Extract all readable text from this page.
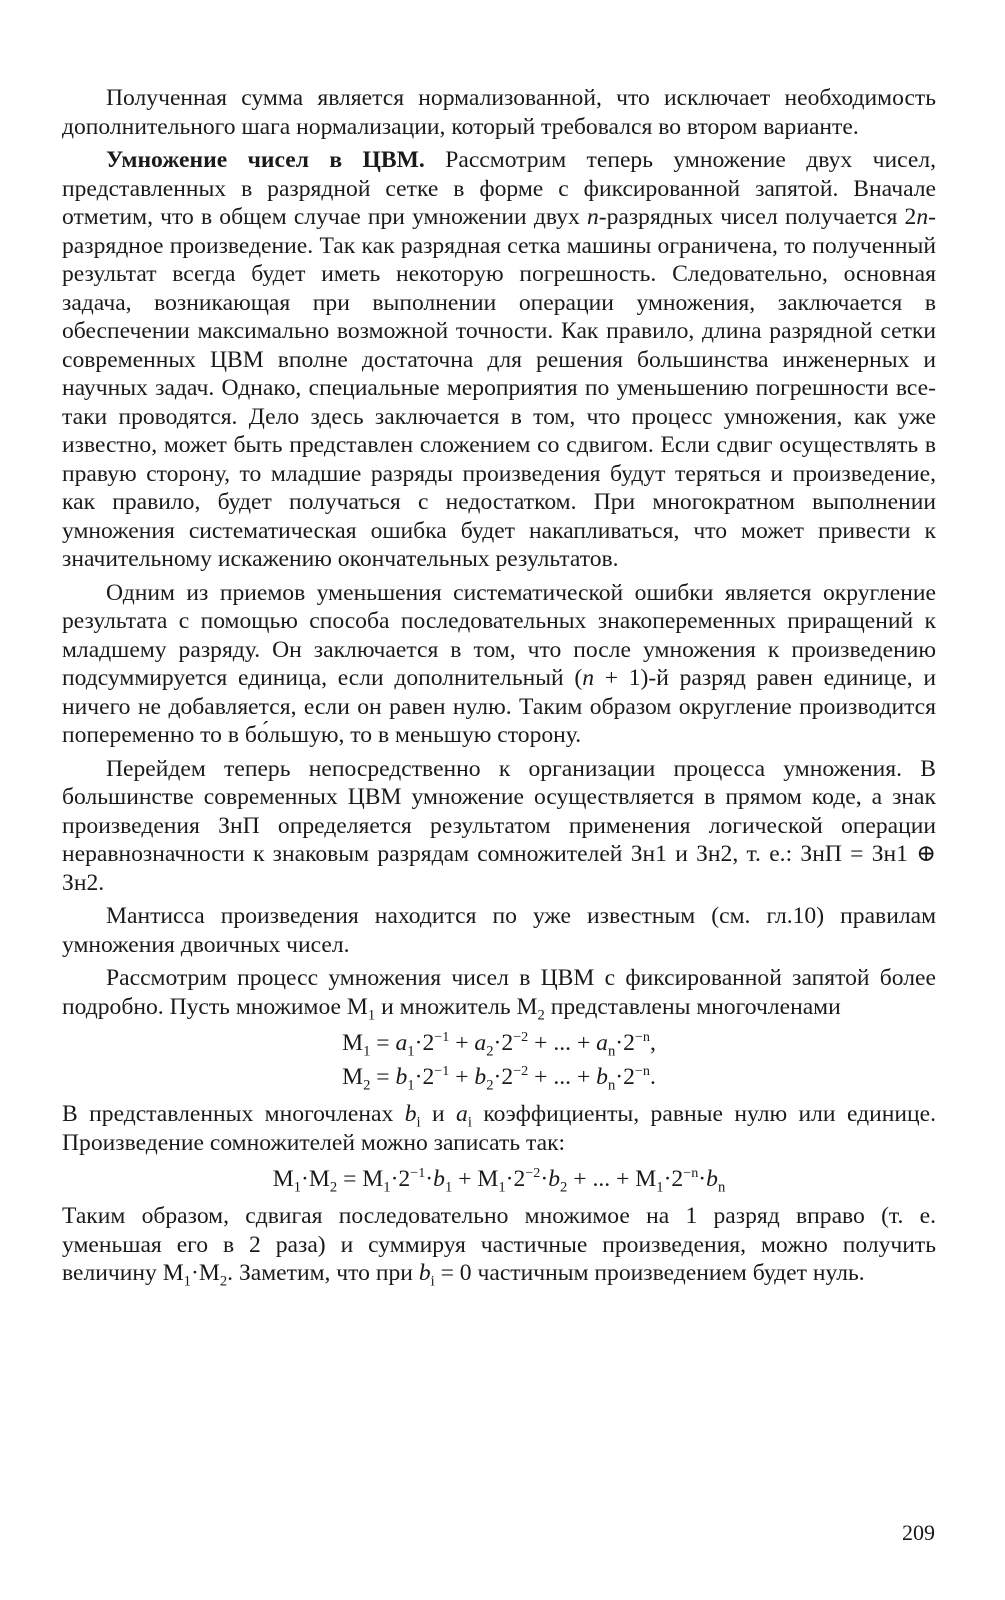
Полученная сумма является нормализованной, что исключает необходимость дополнительного шага нормализации, который требовался во втором варианте.

Умножение чисел в ЦВМ. Рассмотрим теперь умножение двух чисел, представленных в разрядной сетке в форме с фиксированной запятой. Вначале отметим, что в общем случае при умножении двух n-разрядных чисел получается 2n-разрядное произведение. Так как разрядная сетка машины ограничена, то полученный результат всегда будет иметь некоторую погрешность. Следовательно, основная задача, возникающая при выполнении операции умножения, заключается в обеспечении максимально возможной точности. Как правило, длина разрядной сетки современных ЦВМ вполне достаточна для решения большинства инженерных и научных задач. Однако, специальные мероприятия по уменьшению погрешности все-таки проводятся. Дело здесь заключается в том, что процесс умножения, как уже известно, может быть представлен сложением со сдвигом. Если сдвиг осуществлять в правую сторону, то младшие разряды произведения будут теряться и произведение, как правило, будет получаться с недостатком. При многократном выполнении умножения систематическая ошибка будет накапливаться, что может привести к значительному искажению окончательных результатов.

Одним из приемов уменьшения систематической ошибки является округление результата с помощью способа последовательных знакопеременных приращений к младшему разряду. Он заключается в том, что после умножения к произведению подсуммируется единица, если дополнительный (n + 1)-й разряд равен единице, и ничего не добавляется, если он равен нулю. Таким образом округление производится попеременно то в бо́льшую, то в меньшую сторону.

Перейдем теперь непосредственно к организации процесса умножения. В большинстве современных ЦВМ умножение осуществляется в прямом коде, а знак произведения ЗнП определяется результатом применения логической операции неравнозначности к знаковым разрядам сомножителей Зн1 и Зн2, т. е.: ЗнП = Зн1 ⊕ Зн2.

Мантисса произведения находится по уже известным (см. гл.10) правилам умножения двоичных чисел.

Рассмотрим процесс умножения чисел в ЦВМ с фиксированной запятой более подробно. Пусть множимое $М_1$ и множитель $М_2$ представлены многочленами

$M_1 = a_1\cdot 2^{-1} + a_2\cdot 2^{-2}$ + ... + $a_n\cdot 2^{-n}$,
$M_2 = b_1\cdot 2^{-1} + b_2\cdot 2^{-2}$ + ... + $b_n\cdot 2^{-n}$.

В представленных многочленах $b_i$ и $a_i$ коэффициенты, равные нулю или единице. Произведение сомножителей можно записать так:

$M_1\cdot M_2 = M_1\cdot 2^{-1}\cdot b_1 + M_1\cdot 2^{-2}\cdot b_2$ + ... + $M_1\cdot 2^{-n}\cdot b_n$

Таким образом, сдвигая последовательно множимое на 1 разряд вправо (т. е. уменьшая его в 2 раза) и суммируя частичные произведения, можно получить величину $М_1\cdot М_2$. Заметим, что при $b_i = 0$ частичным произведением будет нуль.

209
